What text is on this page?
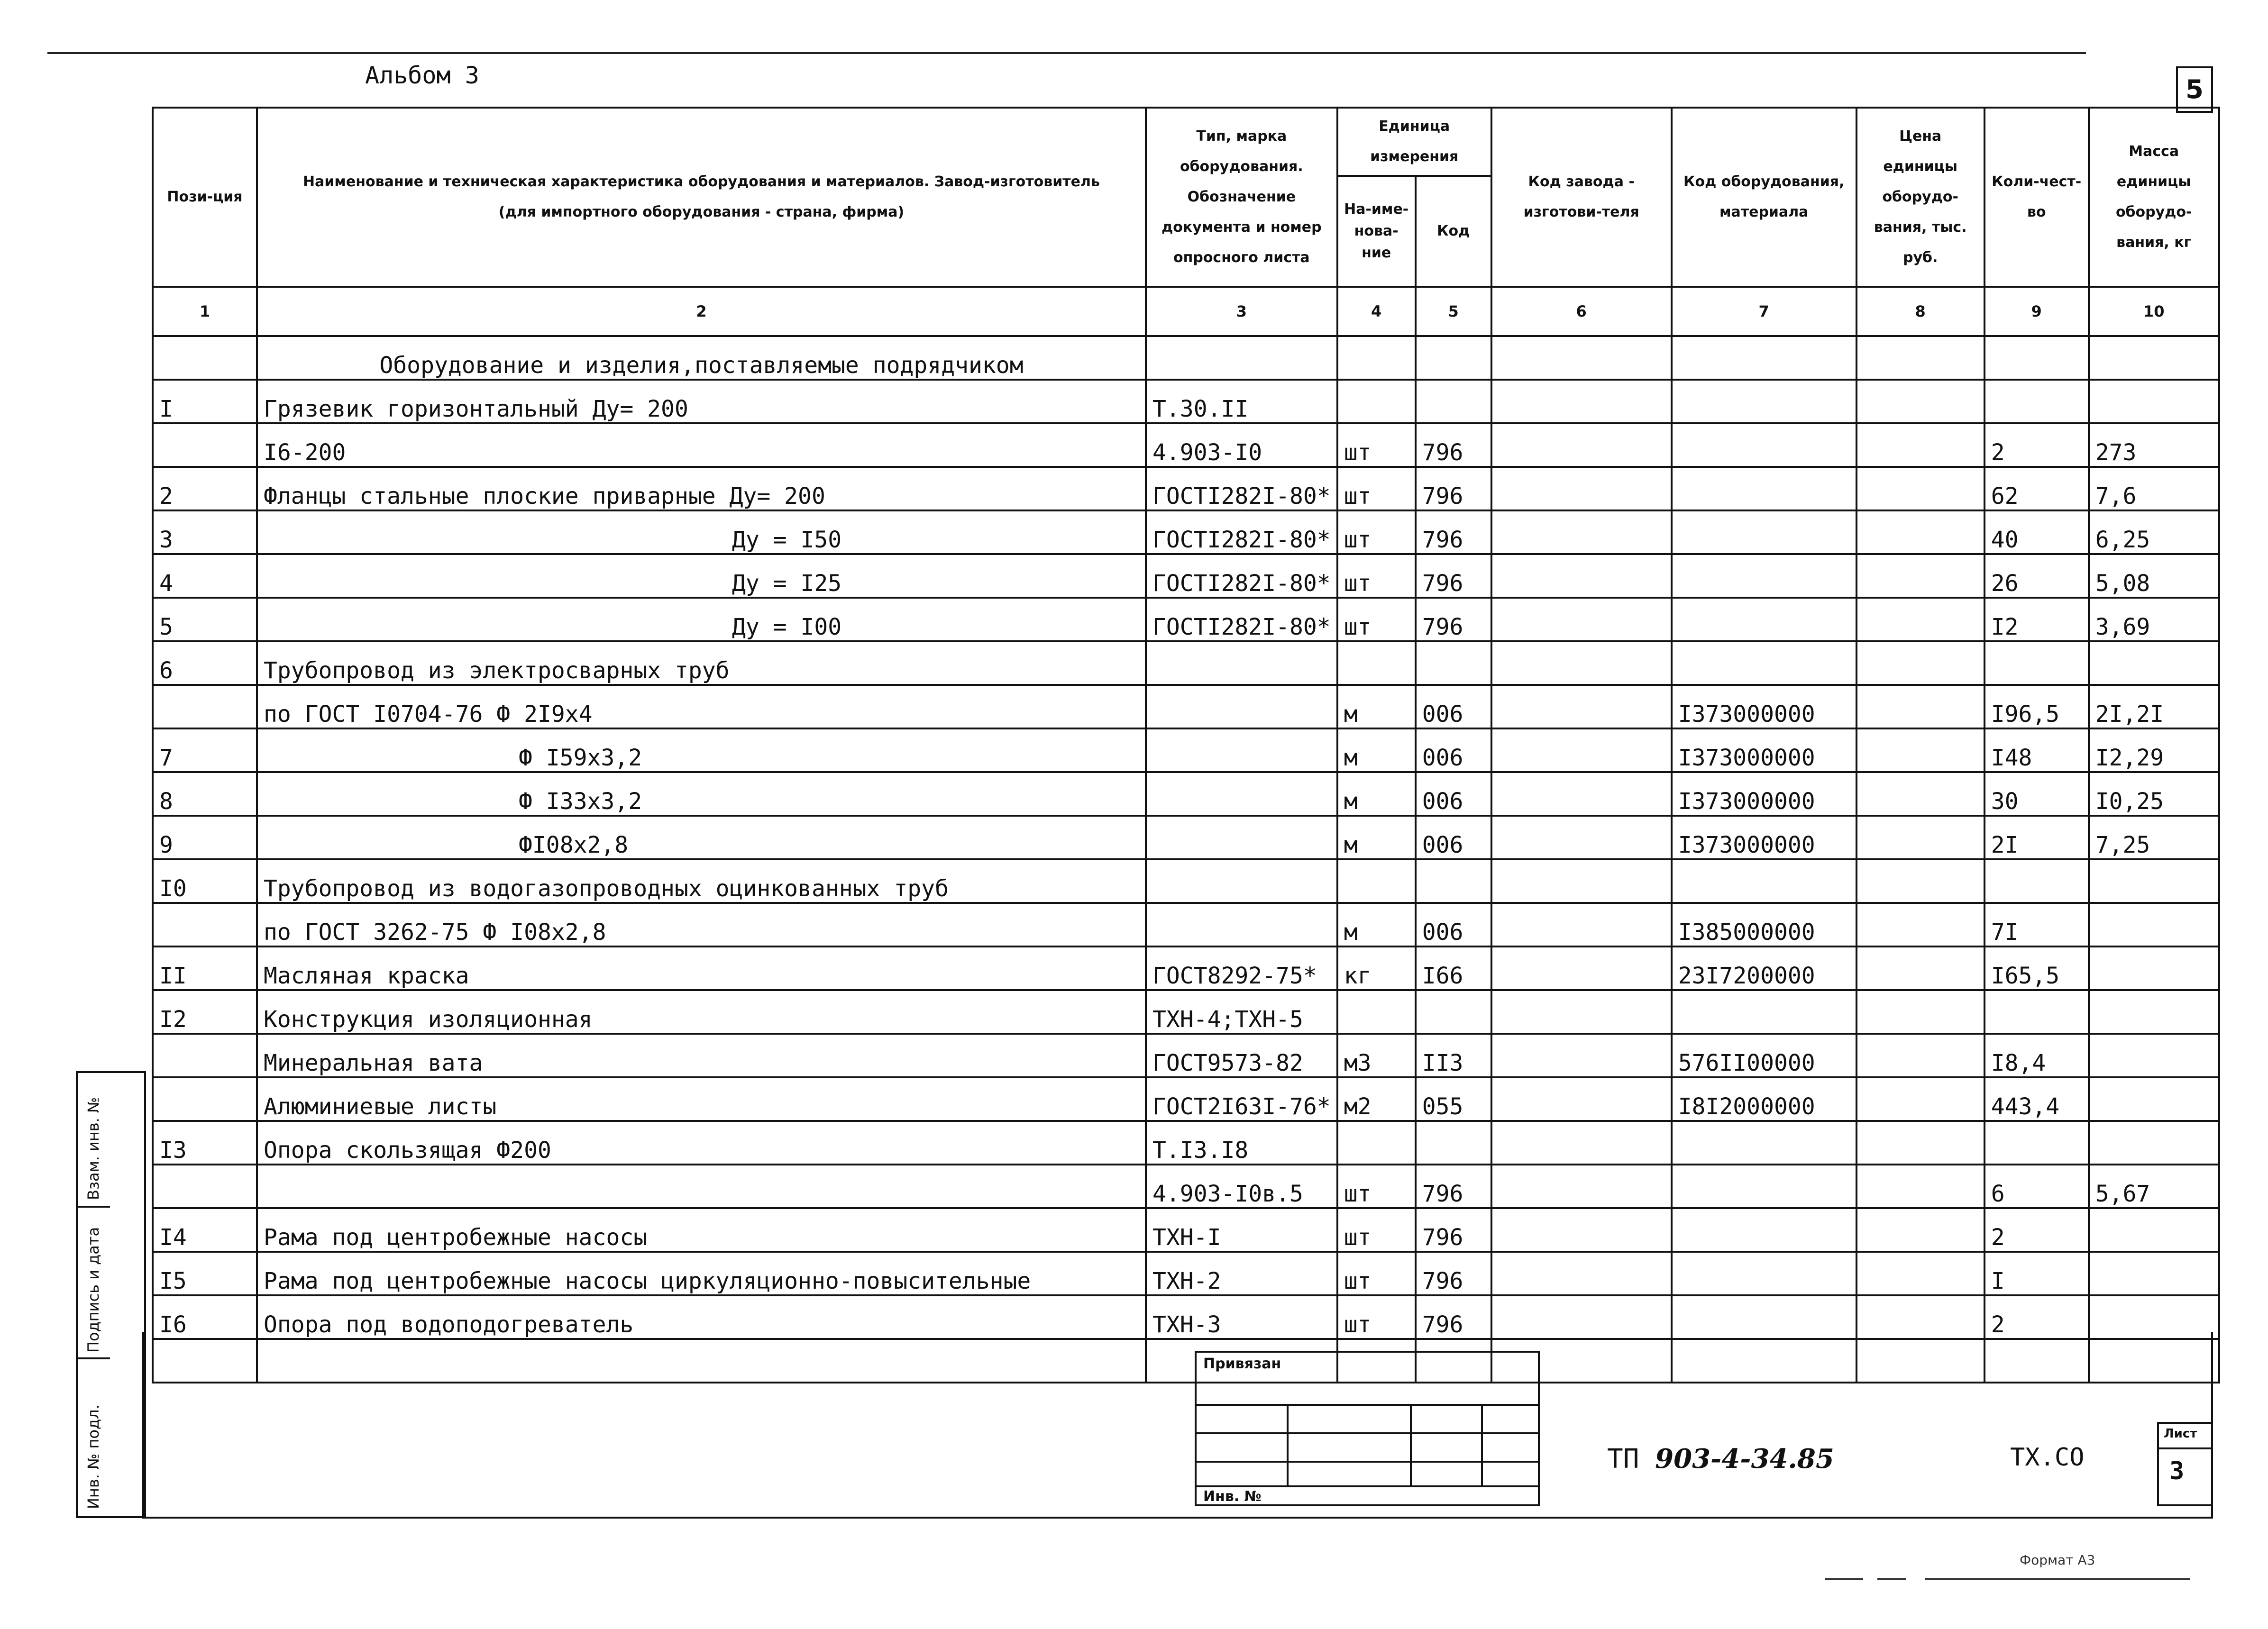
Альбом 3	5
Пози-ция	Наименование и техническая характеристика оборудования и материалов. Завод-изготовитель (для импортного оборудования - страна, фирма)	Тип, марка оборудования. Обозначение документа и номер опросного листа	Единица измерения		Код завода - изготови-теля	Код оборудования, материала	Цена единицы оборудо-вания, тыс. руб.	Коли-чест-во	Масса единицы оборудо-вания, кг
			На-име-нова-ние	Код					
1	2	3	4	5	6	7	8	9	10
	Оборудование и изделия,поставляемые подрядчиком								
I	Грязевик горизонтальный Ду= 200	Т.30.II							
	I6-200	4.903-I0	шт	796				2	273
2	Фланцы стальные плоские приварные Ду= 200	ГОСТI282I-80*	шт	796				62	7,6
3	Ду = I50	ГОСТI282I-80*	шт	796				40	6,25
4	Ду = I25	ГОСТI282I-80*	шт	796				26	5,08
5	Ду = I00	ГОСТI282I-80*	шт	796				I2	3,69
6	Трубопровод из электросварных труб								
	по ГОСТ I0704-76 Ф 2I9х4		м	006		I373000000		I96,5	2I,2I
7	Ф I59х3,2		м	006		I373000000		I48	I2,29
8	Ф I33х3,2		м	006		I373000000		30	I0,25
9	ФI08х2,8		м	006		I373000000		2I	7,25
I0	Трубопровод из водогазопроводных оцинкованных труб								
	по ГОСТ 3262-75 Ф I08х2,8		м	006		I385000000		7I	
II	Масляная краска	ГОСТ8292-75*	кг	I66		23I7200000		I65,5	
I2	Конструкция изоляционная	ТХН-4;ТХН-5							
	Минеральная вата	ГОСТ9573-82	м3	II3		576II00000		I8,4	
	Алюминиевые листы	ГОСТ2I63I-76*	м2	055		I8I2000000		443,4	
I3	Опора скользящая Ф200	Т.I3.I8							
		4.903-I0в.5	шт	796				6	5,67
I4	Рама под центробежные насосы	ТХН-I	шт	796				2	
I5	Рама под центробежные насосы циркуляционно-повысительные	ТХН-2	шт	796				I	
I6	Опора под водоподогреватель	ТХН-3	шт	796				2	

Взам. инв. №
Подпись и дата
Инв. № подл.
Привязан
Инв. №
ТП 903-4-34.85	ТХ.СО
Лист
3
Формат А3
